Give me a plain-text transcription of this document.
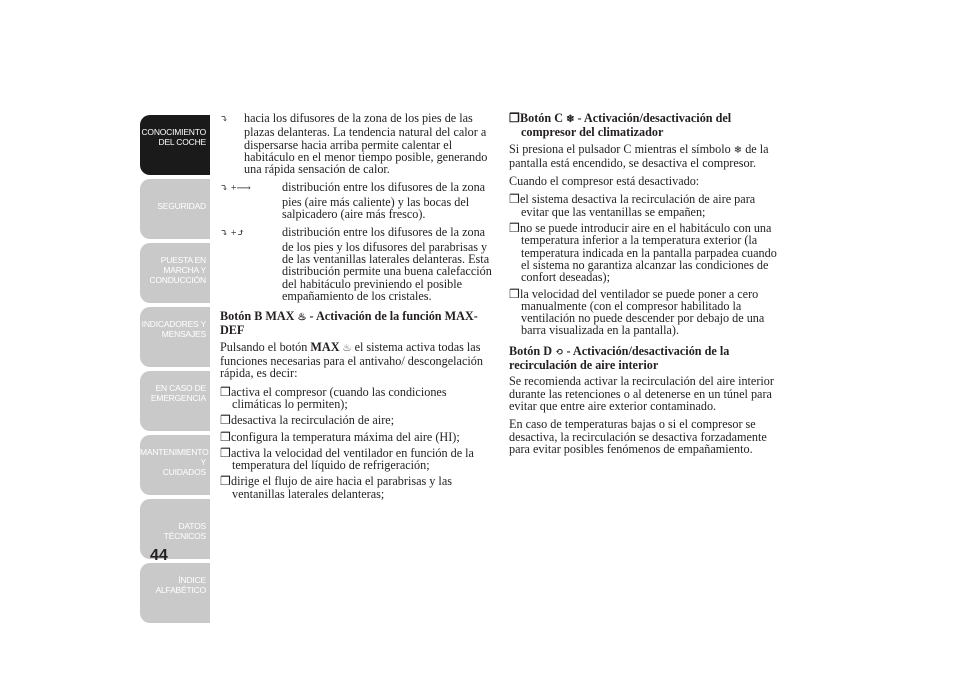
CONOCIMIENTO
DEL COCHE
SEGURIDAD
PUESTA EN
MARCHA Y
CONDUCCIÓN
INDICADORES Y
MENSAJES
EN CASO DE
EMERGENCIA
MANTENIMIENTO Y
CUIDADOS
DATOS TÉCNICOS
ÍNDICE
ALFABÉTICO
44

⤵ hacia los difusores de la zona de los pies de las plazas delanteras. La tendencia natural del calor a dispersarse hacia arriba permite calentar el habitáculo en el menor tiempo posible, generando una rápida sensación de calor.

⤵ +⟶	distribución entre los difusores de la zona pies (aire más caliente) y las bocas del salpicadero (aire más fresco).

⤵ +⤴	distribución entre los difusores de la zona de los pies y los difusores del parabrisas y de las ventanillas laterales delanteras. Esta distribución permite una buena calefacción del habitáculo previniendo el posible empañamiento de los cristales.

Botón B MAX ♨ - Activación de la función MAX-DEF

Pulsando el botón MAX ♨ el sistema activa todas las funciones necesarias para el antivaho/ descongelación rápida, es decir:

❒activa el compresor (cuando las condiciones climáticas lo permiten);

❒desactiva la recirculación de aire;

❒configura la temperatura máxima del aire (HI);

❒activa la velocidad del ventilador en función de la temperatura del líquido de refrigeración;

❒dirige el flujo de aire hacia el parabrisas y las ventanillas laterales delanteras;

❒Botón C ❄ - Activación/desactivación del compresor del climatizador

Si presiona el pulsador C mientras el símbolo ❄ de la pantalla está encendido, se desactiva el compresor.

Cuando el compresor está desactivado:

❒el sistema desactiva la recirculación de aire para evitar que las ventanillas se empañen;

❒no se puede introducir aire en el habitáculo con una temperatura inferior a la temperatura exterior (la temperatura indicada en la pantalla parpadea cuando el sistema no garantiza alcanzar las condiciones de confort deseadas);

❒la velocidad del ventilador se puede poner a cero manualmente (con el compresor habilitado la ventilación no puede descender por debajo de una barra visualizada en la pantalla).

Botón D ⟲ - Activación/desactivación de la recirculación de aire interior

Se recomienda activar la recirculación del aire interior durante las retenciones o al detenerse en un túnel para evitar que entre aire exterior contaminado.

En caso de temperaturas bajas o si el compresor se desactiva, la recirculación se desactiva forzadamente para evitar posibles fenómenos de empañamiento.
